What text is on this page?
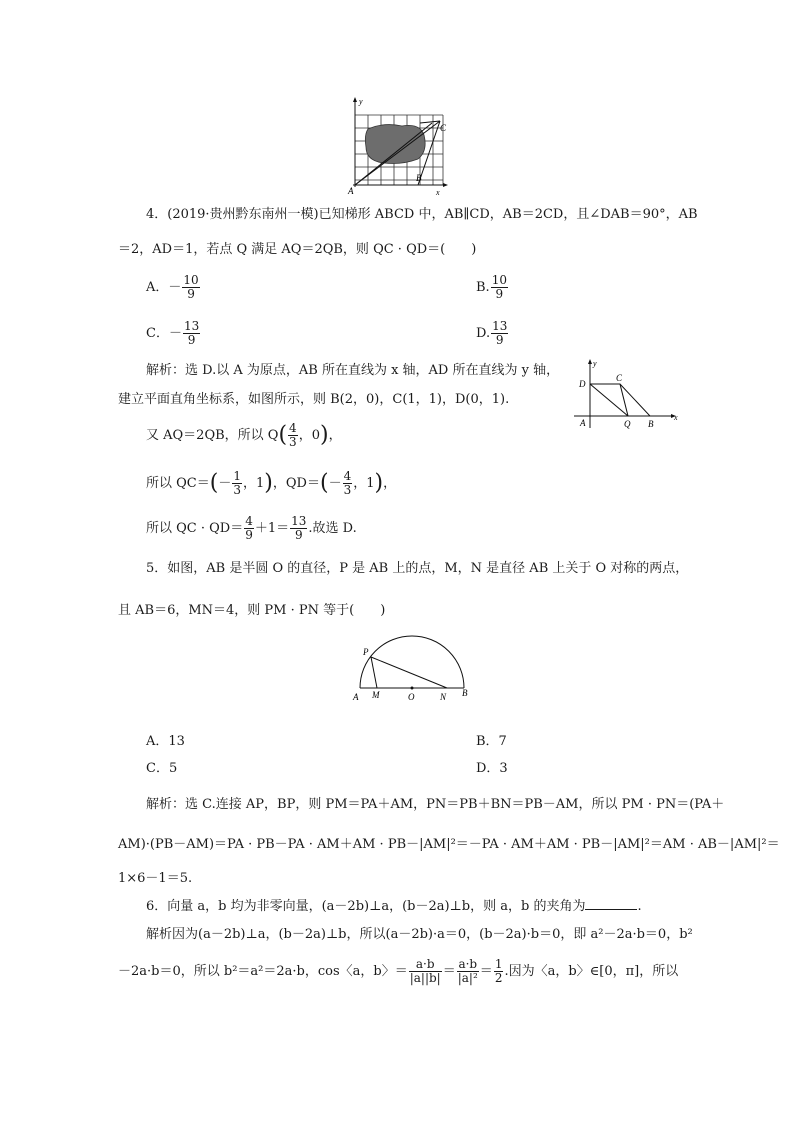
y
x
A
B
C
4．(2019·贵州黔东南州一模)已知梯形 ABCD 中，AB∥CD，AB＝2CD，且∠DAB＝90°，AB
＝2，AD＝1，若点 Q 满足 AQ＝2QB，则 QC · QD＝(　　)
A．－ $\frac{10}{9}$	B. $\frac{10}{9}$
C．－ $\frac{13}{9}$	D. $\frac{13}{9}$
解析：选 D.以 A 为原点，AB 所在直线为 x 轴，AD 所在直线为 y 轴，
建立平面直角坐标系，如图所示，则 B(2，0)，C(1，1)，D(0，1).
又 AQ＝2QB，所以 $Q( \frac{4}{3}$ ，0)，
所以 $QC=(- \frac{1}{3}$ ，1)，$QD=(- \frac{4}{3}$ ，1)，
所以 QC · $QD= \frac{4}{9} +1= \frac{13}{9}$ .故选 D.
y
x
D
C
A	Q B
5．如图，AB 是半圆 O 的直径，P 是 AB 上的点，M，N 是直径 AB 上关于 O 对称的两点，
且 AB＝6，MN＝4，则 PM · PN 等于(　　)
P
A M	O	N B
A．13	B．7
C．5	D．3
解析：选 C.连接 AP，BP，则 PM＝PA＋AM，PN＝PB＋BN＝PB－AM，所以 PM · PN＝(PA＋
AM)·(PB－AM)＝PA · PB－PA · AM＋AM · PB－|AM|²＝－PA · AM＋AM · PB－|AM|²＝AM · AB－|AM|²＝
1×6－1＝5.
6．向量 a，b 均为非零向量，(a－2b)⊥a，(b－2a)⊥b，则 a，b 的夹角为	.
解析因为(a－2b)⊥a，(b－2a)⊥b，所以(a－2b)·a＝0，(b－2a)·b＝0，即 a²－2a·b＝0，b²
－2a·b＝0，所以 b²＝a²＝2a·b，cos〈a，b〉＝ $\frac{a\cdot b}{|a||b|} = \frac{a\cdot b}{\text{|a|²}} = \frac{1}{2}$ .因为〈a，b〉∈[0，π]，所以
